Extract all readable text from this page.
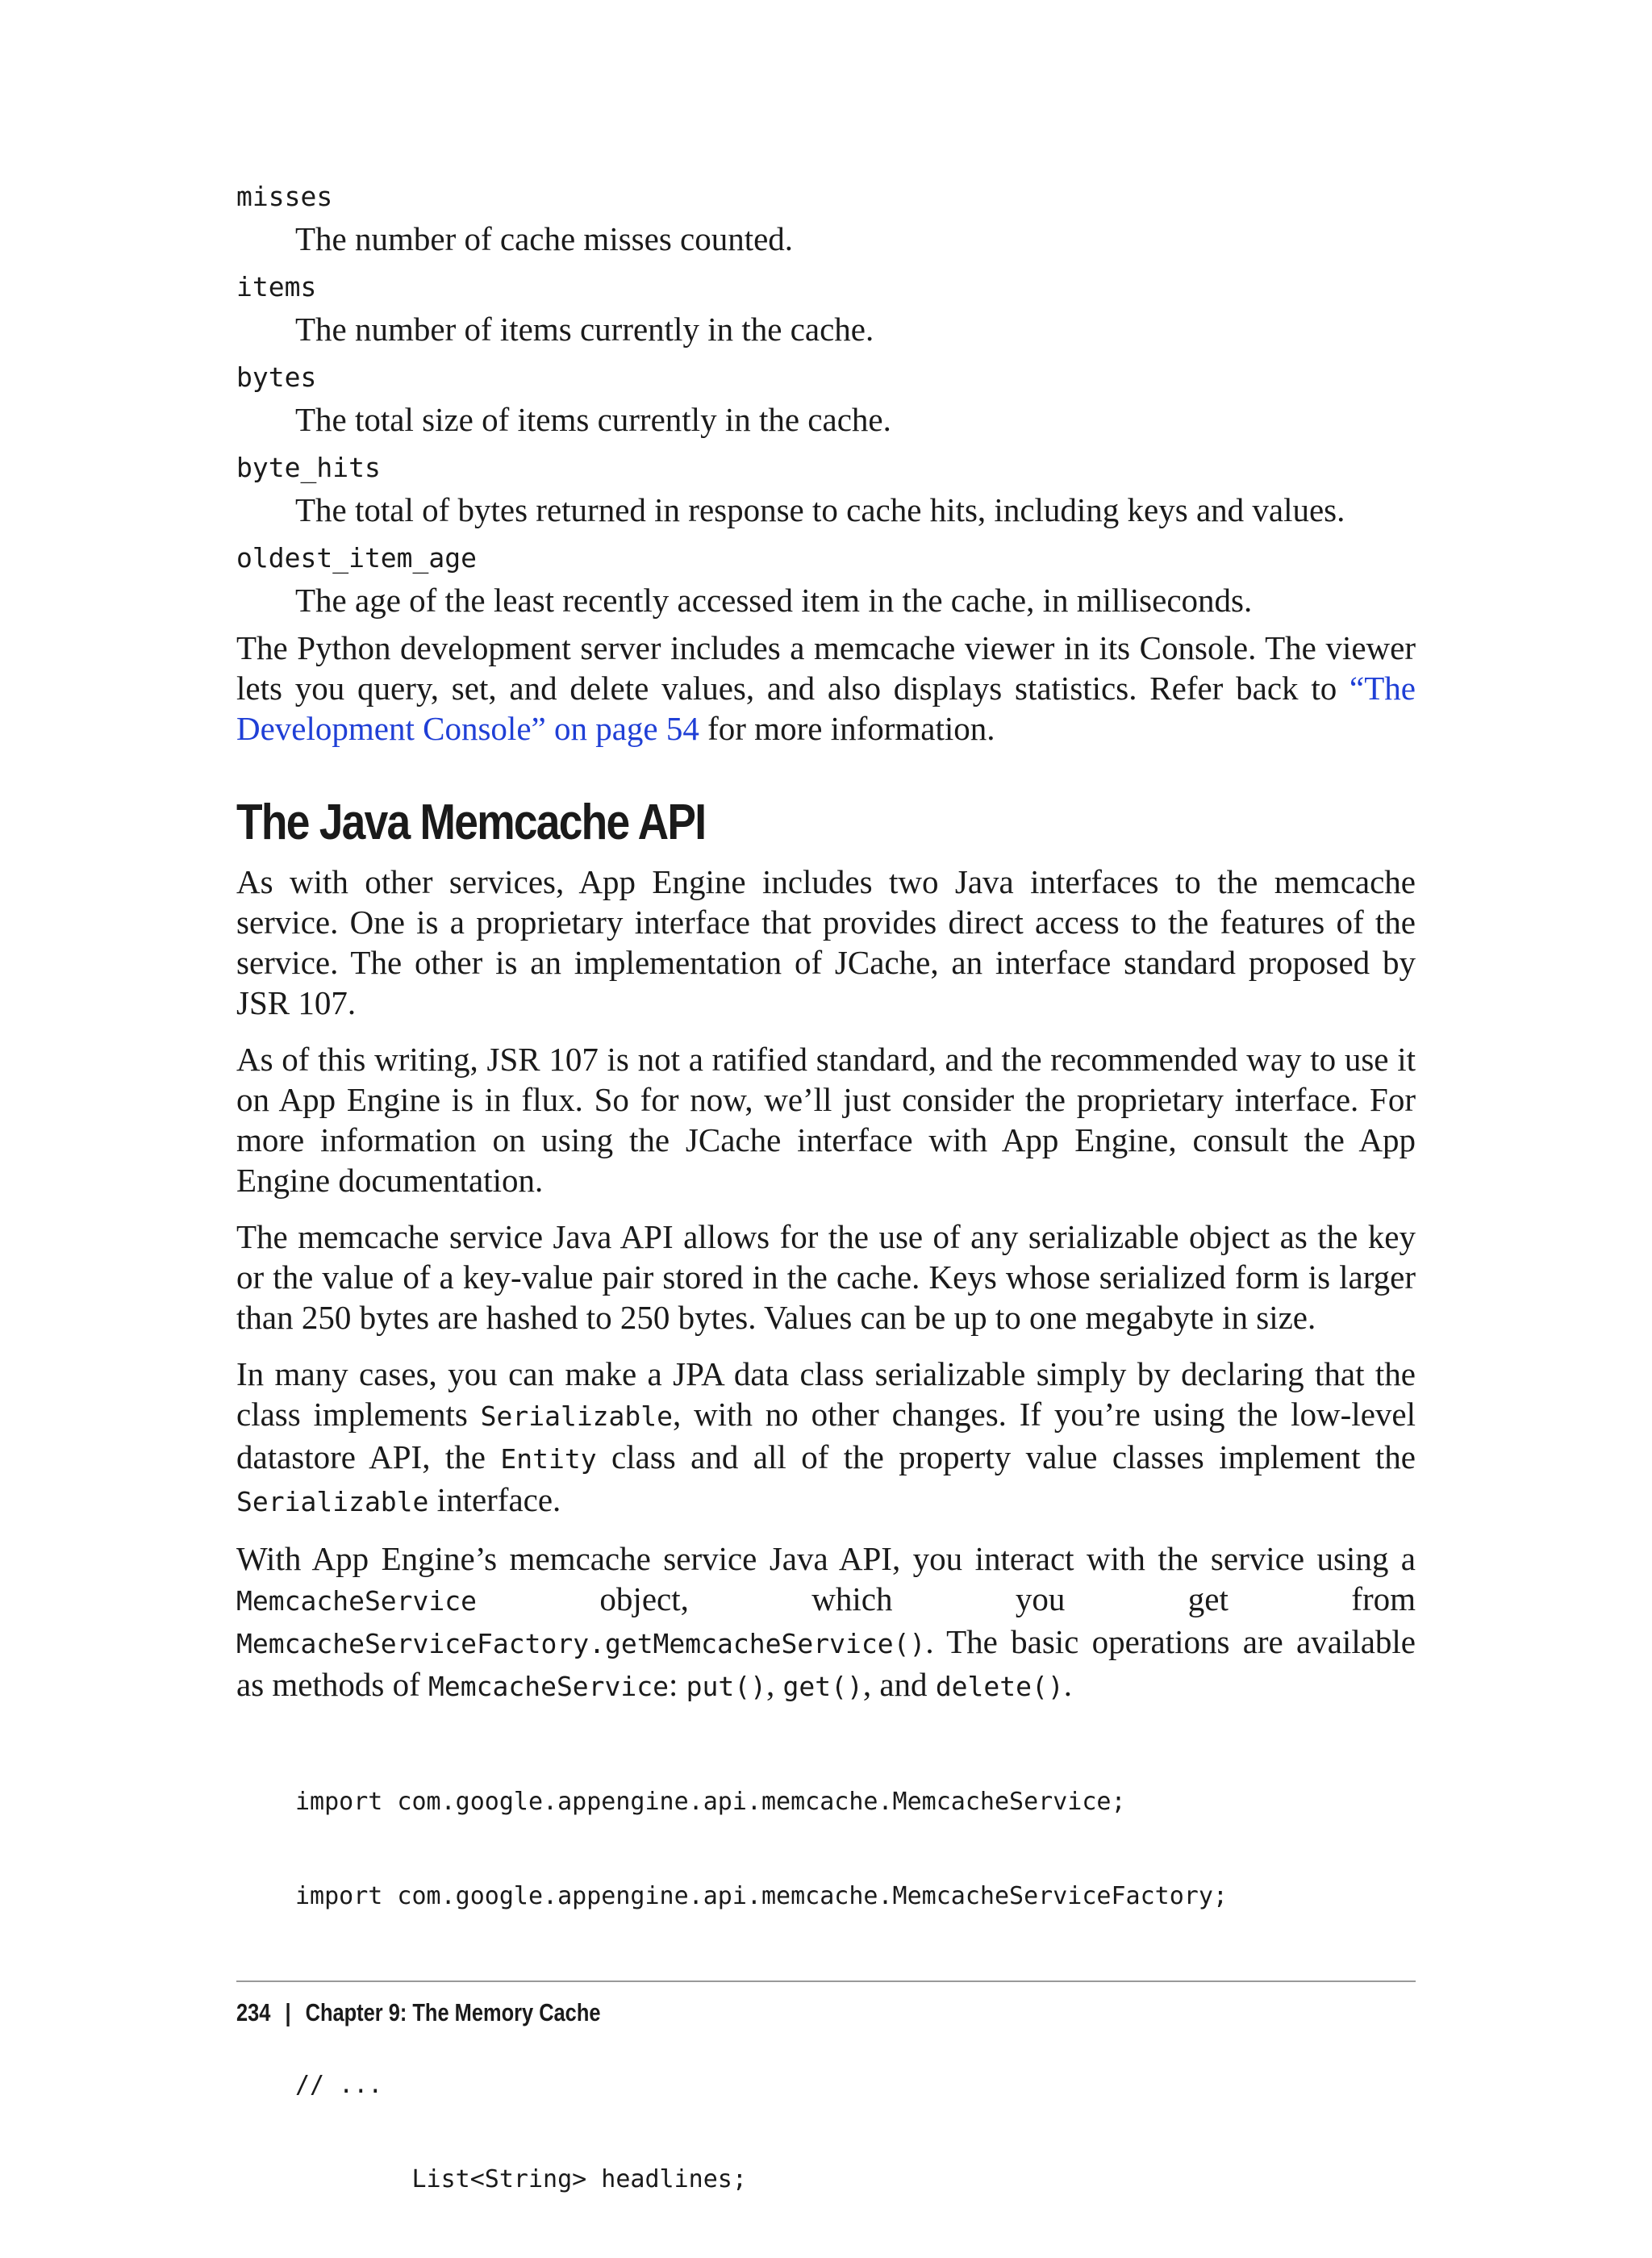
misses
The number of cache misses counted.
items
The number of items currently in the cache.
bytes
The total size of items currently in the cache.
byte_hits
The total of bytes returned in response to cache hits, including keys and values.
oldest_item_age
The age of the least recently accessed item in the cache, in milliseconds.

The Python development server includes a memcache viewer in its Console. The viewer lets you query, set, and delete values, and also displays statistics. Refer back to “The Development Console” on page 54 for more information.

The Java Memcache API

As with other services, App Engine includes two Java interfaces to the memcache service. One is a proprietary interface that provides direct access to the features of the service. The other is an implementation of JCache, an interface standard proposed by JSR 107.

As of this writing, JSR 107 is not a ratified standard, and the recommended way to use it on App Engine is in flux. So for now, we’ll just consider the proprietary interface. For more information on using the JCache interface with App Engine, consult the App Engine documentation.

The memcache service Java API allows for the use of any serializable object as the key or the value of a key-value pair stored in the cache. Keys whose serialized form is larger than 250 bytes are hashed to 250 bytes. Values can be up to one megabyte in size.

In many cases, you can make a JPA data class serializable simply by declaring that the class implements Serializable, with no other changes. If you’re using the low-level datastore API, the Entity class and all of the property value classes implement the Serializable interface.

With App Engine’s memcache service Java API, you interact with the service using a MemcacheService object, which you get from MemcacheServiceFactory.getMemcacheService(). The basic operations are available as methods of MemcacheService: put(), get(), and delete().

import com.google.appengine.api.memcache.MemcacheService;

import com.google.appengine.api.memcache.MemcacheServiceFactory;

// ...

List<String> headlines;

234 | Chapter 9: The Memory Cache
